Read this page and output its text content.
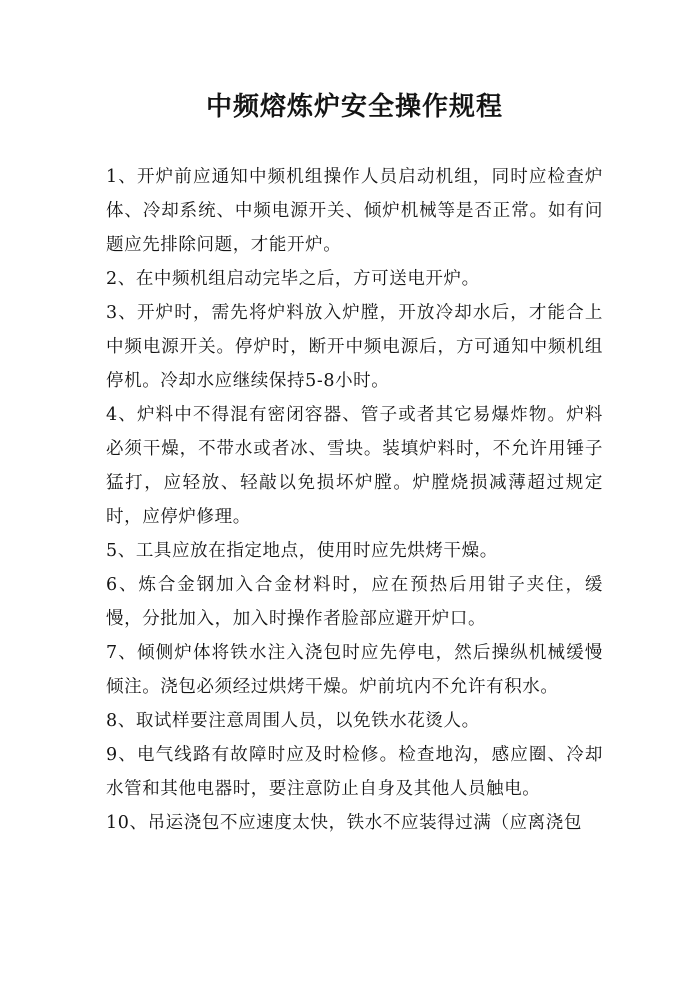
中频熔炼炉安全操作规程

1、开炉前应通知中频机组操作人员启动机组，同时应检查炉体、冷却系统、中频电源开关、倾炉机械等是否正常。如有问题应先排除问题，才能开炉。

2、在中频机组启动完毕之后，方可送电开炉。

3、开炉时，需先将炉料放入炉膛，开放冷却水后，才能合上中频电源开关。停炉时，断开中频电源后，方可通知中频机组停机。冷却水应继续保持5-8小时。

4、炉料中不得混有密闭容器、管子或者其它易爆炸物。炉料必须干燥，不带水或者冰、雪块。装填炉料时，不允许用锤子猛打，应轻放、轻敲以免损坏炉膛。炉膛烧损减薄超过规定时，应停炉修理。

5、工具应放在指定地点，使用时应先烘烤干燥。

6、炼合金钢加入合金材料时，应在预热后用钳子夹住，缓慢，分批加入，加入时操作者脸部应避开炉口。

7、倾侧炉体将铁水注入浇包时应先停电，然后操纵机械缓慢倾注。浇包必须经过烘烤干燥。炉前坑内不允许有积水。

8、取试样要注意周围人员，以免铁水花烫人。

9、电气线路有故障时应及时检修。检查地沟，感应圈、冷却水管和其他电器时，要注意防止自身及其他人员触电。

10、吊运浇包不应速度太快，铁水不应装得过满（应离浇包
